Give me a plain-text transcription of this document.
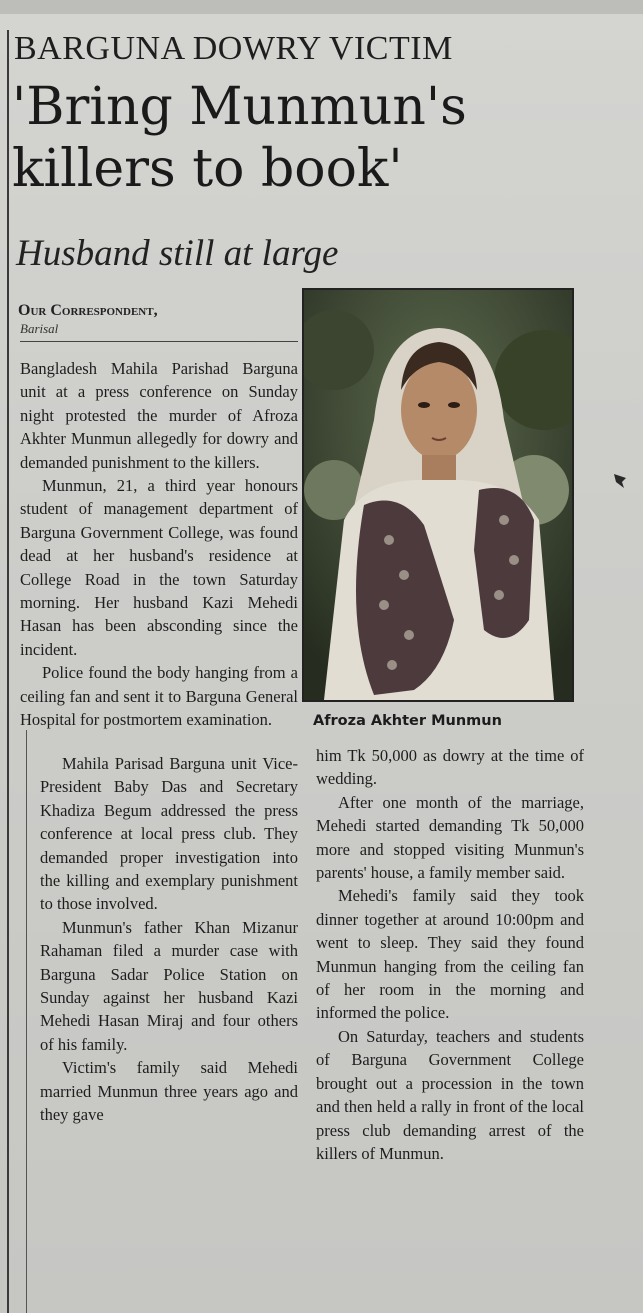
BARGUNA DOWRY VICTIM
'Bring Munmun's
killers to book'
Husband still at large
Our Correspondent,
Barisal

Bangladesh Mahila Parishad Barguna unit at a press conference on Sunday night protested the murder of Afroza Akhter Munmun allegedly for dowry and demanded punishment to the killers.

Munmun, 21, a third year honours student of management department of Barguna Government College, was found dead at her husband's residence at College Road in the town Saturday morning. Her husband Kazi Mehedi Hasan has been absconding since the incident.

Police found the body hanging from a ceiling fan and sent it to Barguna General Hospital for postmortem examination.

Mahila Parisad Barguna unit Vice-President Baby Das and Secretary Khadiza Begum addressed the press conference at local press club. They demanded proper investigation into the killing and exemplary punishment to those involved.

Munmun's father Khan Mizanur Rahaman filed a murder case with Barguna Sadar Police Station on Sunday against her husband Kazi Mehedi Hasan Miraj and four others of his family.

Victim's family said Mehedi married Munmun three years ago and they gave

Afroza Akhter Munmun

him Tk 50,000 as dowry at the time of wedding.

After one month of the marriage, Mehedi started demanding Tk 50,000 more and stopped visiting Munmun's parents' house, a family member said.

Mehedi's family said they took dinner together at around 10:00pm and went to sleep. They said they found Munmun hanging from the ceiling fan of her room in the morning and informed the police.

On Saturday, teachers and students of Barguna Government College brought out a procession in the town and then held a rally in front of the local press club demanding arrest of the killers of Munmun.
